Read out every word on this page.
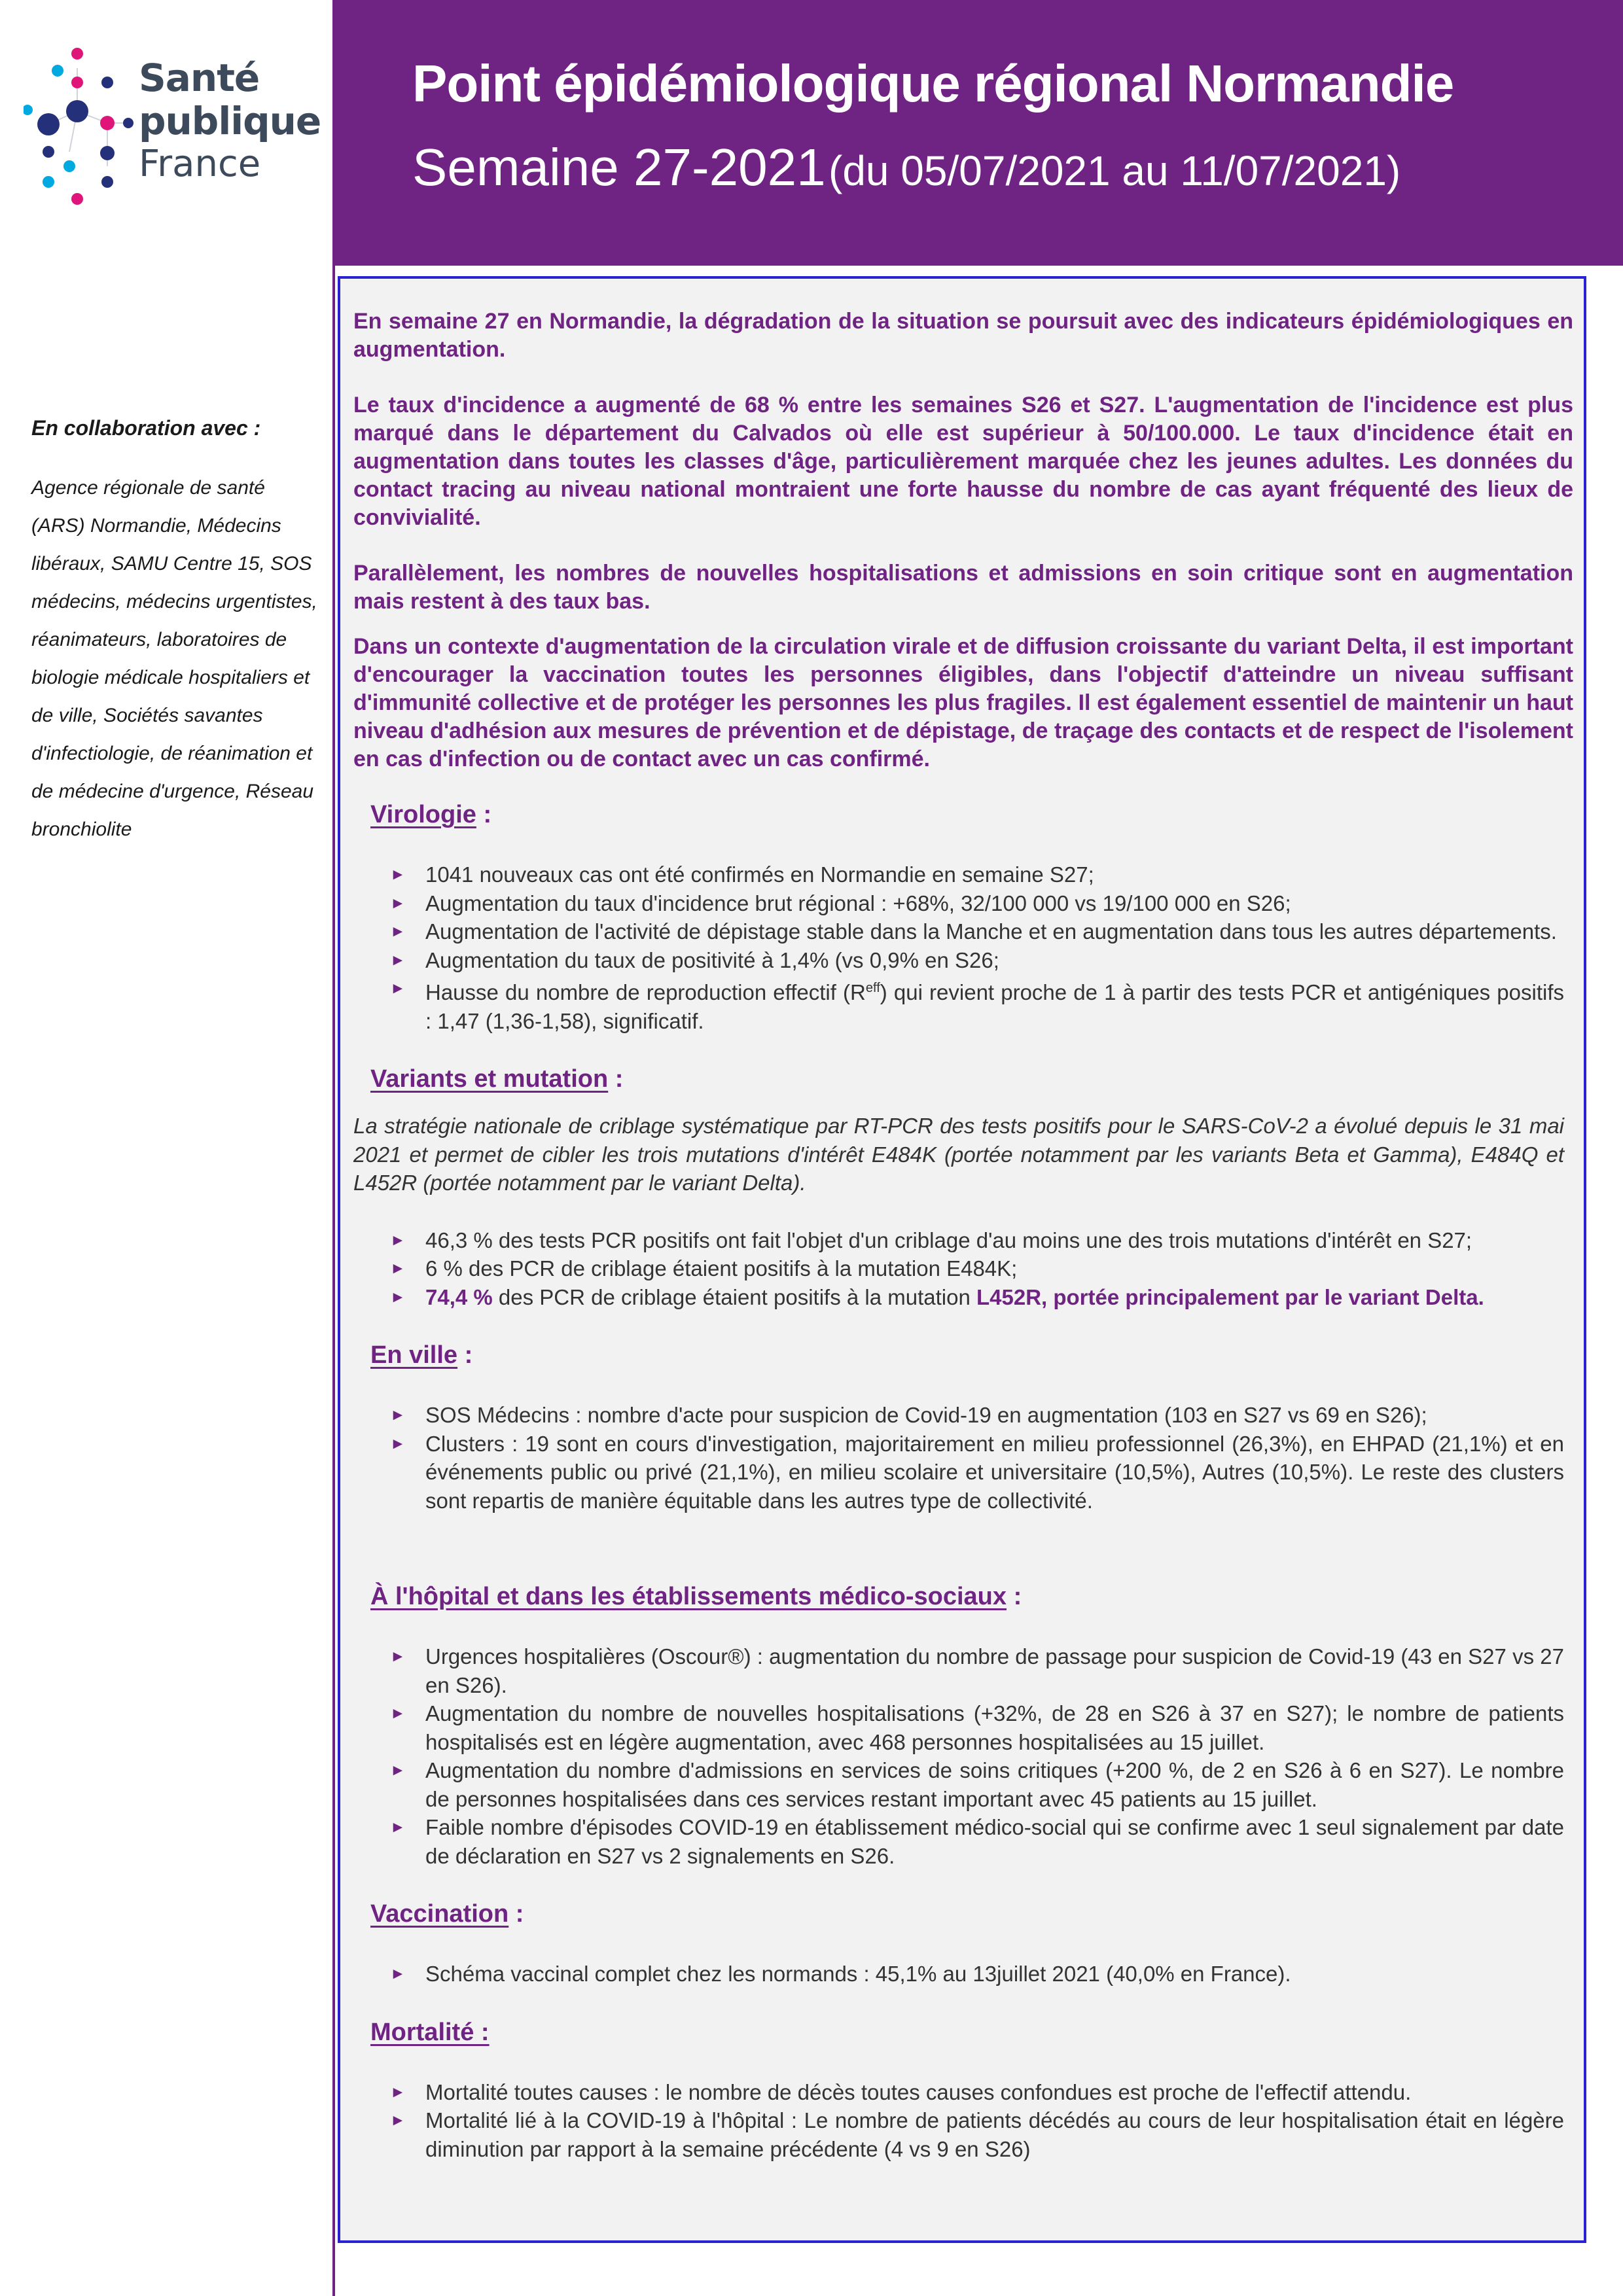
Santé
publique
France
En collaboration avec :
Agence régionale de santé (ARS) Normandie, Médecins libéraux, SAMU Centre 15, SOS médecins, médecins urgentistes, réanimateurs, laboratoires de biologie médicale hospitaliers et de ville, Sociétés savantes d'infectiologie, de réanimation et de médecine d'urgence, Réseau bronchiolite
Point épidémiologique régional Normandie
Semaine 27-2021 (du 05/07/2021 au 11/07/2021)

En semaine 27 en Normandie, la dégradation de la situation se poursuit avec des indicateurs épidémiologiques en augmentation.

Le taux d'incidence a augmenté de 68 % entre les semaines S26 et S27. L'augmentation de l'incidence est plus marqué dans le département du Calvados où elle est supérieur à 50/100.000. Le taux d'incidence était en augmentation dans toutes les classes d'âge, particulièrement marquée chez les jeunes adultes. Les données du contact tracing au niveau national montraient une forte hausse du nombre de cas ayant fréquenté des lieux de convivialité.

Parallèlement, les nombres de nouvelles hospitalisations et admissions en soin critique sont en augmentation mais restent à des taux bas.

Dans un contexte d'augmentation de la circulation virale et de diffusion croissante du variant Delta, il est important d'encourager la vaccination toutes les personnes éligibles, dans l'objectif d'atteindre un niveau suffisant d'immunité collective et de protéger les personnes les plus fragiles. Il est également essentiel de maintenir un haut niveau d'adhésion aux mesures de prévention et de dépistage, de traçage des contacts et de respect de l'isolement en cas d'infection ou de contact avec un cas confirmé.

Virologie :
► 1041 nouveaux cas ont été confirmés en Normandie en semaine S27;
► Augmentation du taux d'incidence brut régional : +68%, 32/100 000 vs 19/100 000 en S26;
► Augmentation de l'activité de dépistage stable dans la Manche et en augmentation dans tous les autres départements.
► Augmentation du taux de positivité à 1,4% (vs 0,9% en S26;
► Hausse du nombre de reproduction effectif $(R^{eff})$ qui revient proche de 1 à partir des tests PCR et antigéniques positifs : 1,47 (1,36-1,58), significatif.
Variants et mutation :

La stratégie nationale de criblage systématique par RT-PCR des tests positifs pour le SARS-CoV-2 a évolué depuis le 31 mai 2021 et permet de cibler les trois mutations d'intérêt E484K (portée notamment par les variants Beta et Gamma), E484Q et L452R (portée notamment par le variant Delta).

► 46,3 % des tests PCR positifs ont fait l'objet d'un criblage d'au moins une des trois mutations d'intérêt en S27;
► 6 % des PCR de criblage étaient positifs à la mutation E484K;
► 74,4 % des PCR de criblage étaient positifs à la mutation L452R, portée principalement par le variant Delta.
En ville :
► SOS Médecins : nombre d'acte pour suspicion de Covid-19 en augmentation (103 en S27 vs 69 en S26);
► Clusters : 19 sont en cours d'investigation, majoritairement en milieu professionnel (26,3%), en EHPAD (21,1%) et en événements public ou privé (21,1%), en milieu scolaire et universitaire (10,5%), Autres (10,5%). Le reste des clusters sont repartis de manière équitable dans les autres type de collectivité.
À l'hôpital et dans les établissements médico-sociaux :
► Urgences hospitalières (Oscour®) : augmentation du nombre de passage pour suspicion de Covid-19 (43 en S27 vs 27 en S26).
► Augmentation du nombre de nouvelles hospitalisations (+32%, de 28 en S26 à 37 en S27); le nombre de patients hospitalisés est en légère augmentation, avec 468 personnes hospitalisées au 15 juillet.
► Augmentation du nombre d'admissions en services de soins critiques (+200 %, de 2 en S26 à 6 en S27). Le nombre de personnes hospitalisées dans ces services restant important avec 45 patients au 15 juillet.
► Faible nombre d'épisodes COVID-19 en établissement médico-social qui se confirme avec 1 seul signalement par date de déclaration en S27 vs 2 signalements en S26.
Vaccination :
► Schéma vaccinal complet chez les normands : 45,1% au 13juillet 2021 (40,0% en France).
Mortalité :
► Mortalité toutes causes : le nombre de décès toutes causes confondues est proche de l'effectif attendu.
► Mortalité lié à la COVID-19 à l'hôpital : Le nombre de patients décédés au cours de leur hospitalisation était en légère diminution par rapport à la semaine précédente (4 vs 9 en S26)
